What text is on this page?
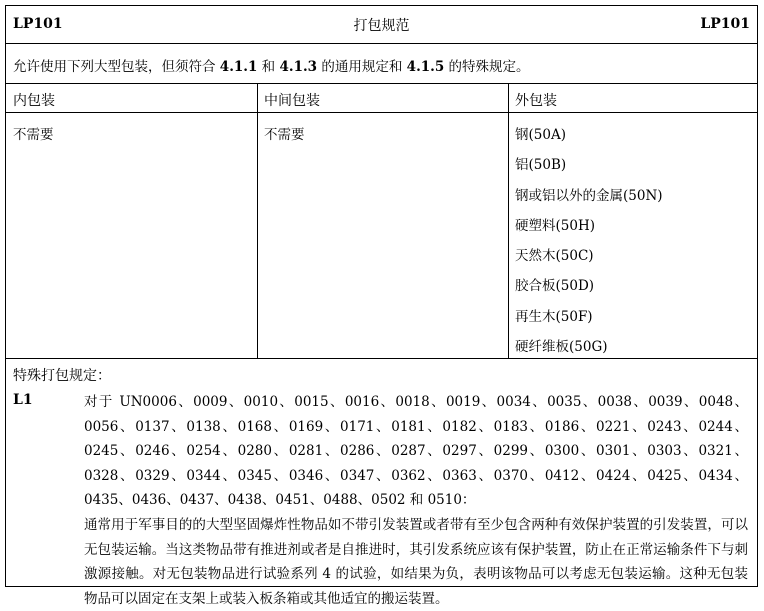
LP101	打包规范	LP101
允许使用下列大型包装，但须符合 4.1.1 和 4.1.3 的通用规定和 4.1.5 的特殊规定。
内包装	中间包装	外包装
不需要	不需要	钢(50A)
铝(50B)
钢或铝以外的金属(50N)
硬塑料(50H)
天然木(50C)
胶合板(50D)
再生木(50F)
硬纤维板(50G)
特殊打包规定：
L1	对于 UN0006、0009、0010、0015、0016、0018、0019、0034、0035、0038、0039、0048、0056、0137、0138、0168、0169、0171、0181、0182、0183、0186、0221、0243、0244、0245、0246、0254、0280、0281、0286、0287、0297、0299、0300、0301、0303、0321、0328、0329、0344、0345、0346、0347、0362、0363、0370、0412、0424、0425、0434、0435、0436、0437、0438、0451、0488、0502 和 0510：
通常用于军事目的的大型坚固爆炸性物品如不带引发装置或者带有至少包含两种有效保护装置的引发装置，可以无包装运输。当这类物品带有推进剂或者是自推进时，其引发系统应该有保护装置，防止在正常运输条件下与刺激源接触。对无包装物品进行试验系列 4 的试验，如结果为负，表明该物品可以考虑无包装运输。这种无包装物品可以固定在支架上或装入板条箱或其他适宜的搬运装置。
